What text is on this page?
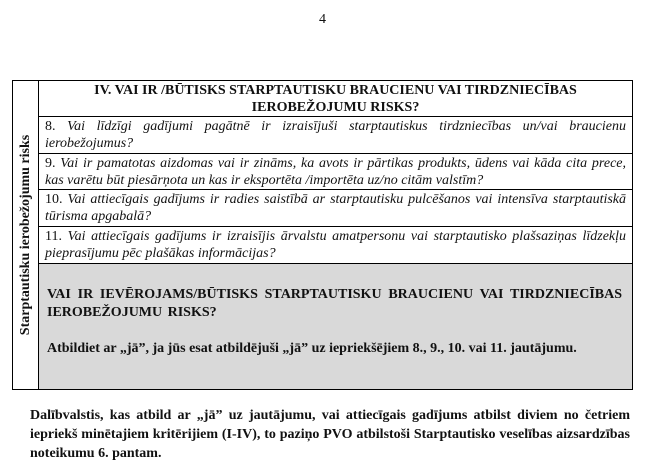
4
Starptautisku ierobežojumu risks
IV. VAI IR /BŪTISKS STARPTAUTISKU BRAUCIENU VAI TIRDZNIECĪBAS IEROBEŽOJUMU RISKS?
8. Vai līdzīgi gadījumi pagātnē ir izraisījuši starptautiskus tirdzniecības un/vai braucienu ierobežojumus?
9. Vai ir pamatotas aizdomas vai ir zināms, ka avots ir pārtikas produkts, ūdens vai kāda cita prece, kas varētu būt piesārņota un kas ir eksportēta /importēta uz/no citām valstīm?
10. Vai attiecīgais gadījums ir radies saistībā ar starptautisku pulcēšanos vai intensīva starptautiskā tūrisma apgabalā?
11. Vai attiecīgais gadījums ir izraisījis ārvalstu amatpersonu vai starptautisko plašsaziņas līdzekļu pieprasījumu pēc plašākas informācijas?
VAI IR IEVĒROJAMS/BŪTISKS STARPTAUTISKU BRAUCIENU VAI TIRDZNIECĪBAS IEROBEŽOJUMU RISKS?
Atbildiet ar „jā”, ja jūs esat atbildējuši „jā” uz iepriekšējiem 8., 9., 10. vai 11. jautājumu.
Dalībvalstis, kas atbild ar „jā” uz jautājumu, vai attiecīgais gadījums atbilst diviem no četriem iepriekš minētajiem kritērijiem (I-IV), to paziņo PVO atbilstoši Starptautisko veselības aizsardzības noteikumu 6. pantam.
